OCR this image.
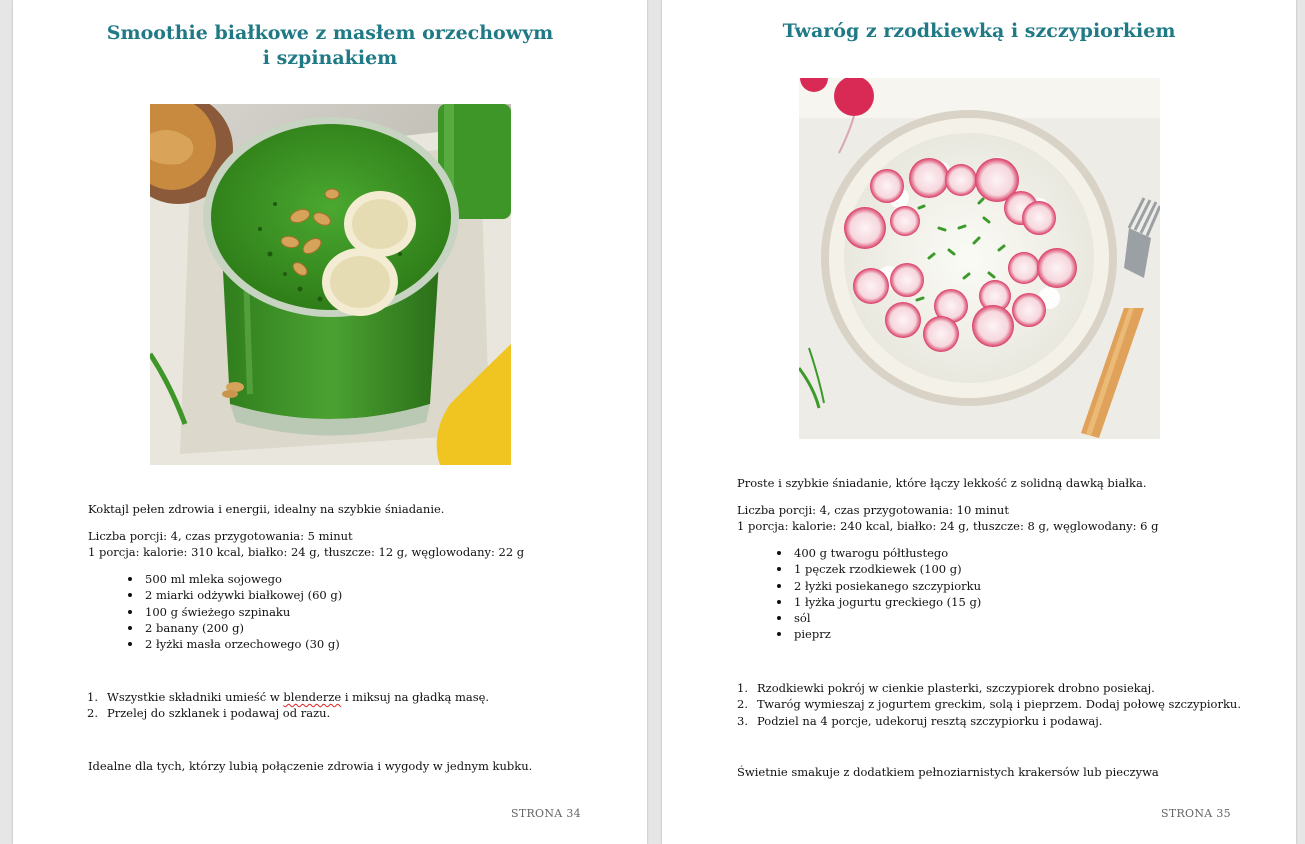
Smoothie białkowe z masłem orzechowym
i szpinakiem
Koktajl pełen zdrowia i energii, idealny na szybkie śniadanie.
Liczba porcji: 4, czas przygotowania: 5 minut
1 porcja: kalorie: 310 kcal, białko: 24 g, tłuszcze: 12 g, węglowodany: 22 g
500 ml mleka sojowego
2 miarki odżywki białkowej (60 g)
100 g świeżego szpinaku
2 banany (200 g)
2 łyżki masła orzechowego (30 g)
1. Wszystkie składniki umieść w blenderze i miksuj na gładką masę.
2. Przelej do szklanek i podawaj od razu.
Idealne dla tych, którzy lubią połączenie zdrowia i wygody w jednym kubku.
STRONA 34
Twaróg z rzodkiewką i szczypiorkiem
Proste i szybkie śniadanie, które łączy lekkość z solidną dawką białka.
Liczba porcji: 4, czas przygotowania: 10 minut
1 porcja: kalorie: 240 kcal, białko: 24 g, tłuszcze: 8 g, węglowodany: 6 g
400 g twarogu półtłustego
1 pęczek rzodkiewek (100 g)
2 łyżki posiekanego szczypiorku
1 łyżka jogurtu greckiego (15 g)
sól
pieprz
1. Rzodkiewki pokrój w cienkie plasterki, szczypiorek drobno posiekaj.
2. Twaróg wymieszaj z jogurtem greckim, solą i pieprzem. Dodaj połowę szczypiorku.
3. Podziel na 4 porcje, udekoruj resztą szczypiorku i podawaj.
Świetnie smakuje z dodatkiem pełnoziarnistych krakersów lub pieczywa
STRONA 35
